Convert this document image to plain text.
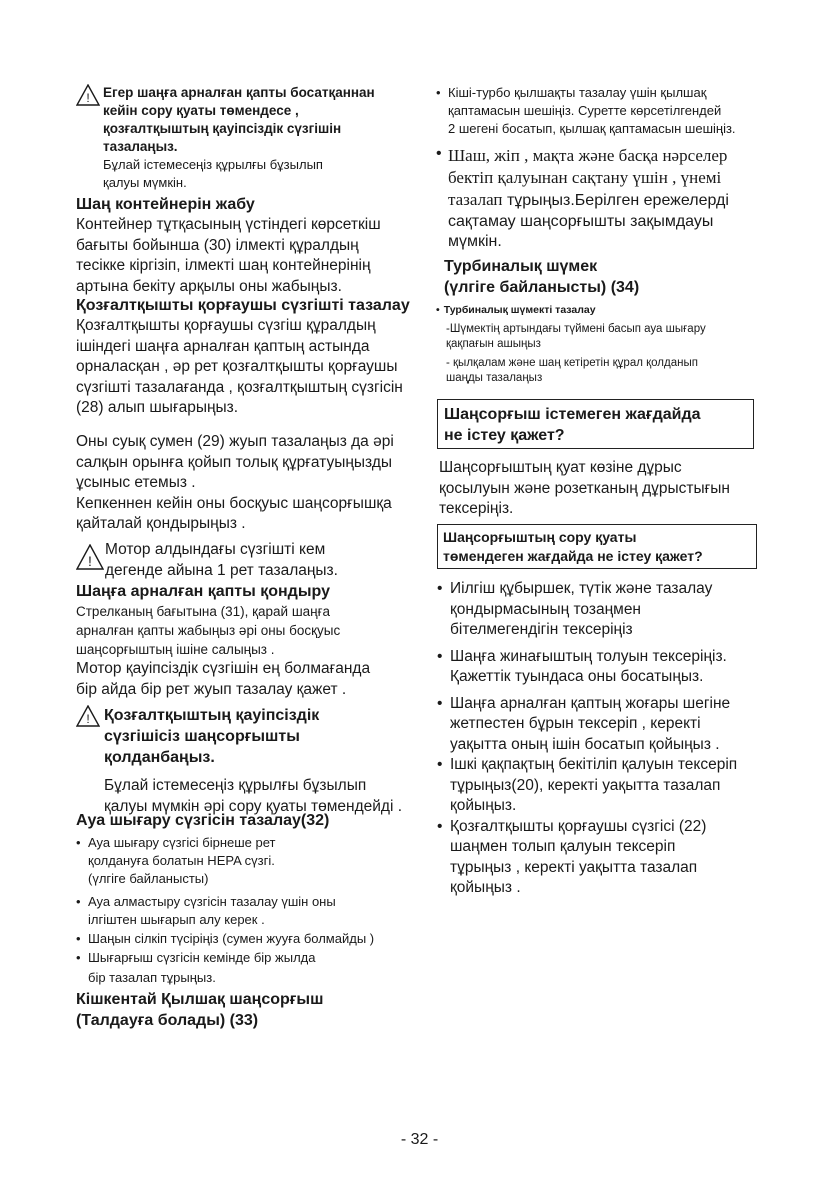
! Егер шаңға арналған қапты босатқаннан

кейін сору қуаты төмендесе ,

қозғалтқыштың қауіпсіздік сүзгішін

тазалаңыз.

Бұлай істемесеңіз құрылғы бұзылып

қалуы мүмкін.

Шаң контейнерін жабу

Контейнер тұтқасының үстіндегі көрсеткіш

бағыты бойынша (30) ілмекті құралдың

тесікке кіргізіп, ілмекті шаң контейнерінің

артына бекіту арқылы оны жабыңыз.

Қозғалтқышты қорғаушы сүзгішті тазалау

Қозғалтқышты қорғаушы сүзгіш құралдың

ішіндегі шаңға арналған қаптың астында

орналасқан , әр рет қозғалтқышты қорғаушы

сүзгішті тазалағанда , қозғалтқыштың сүзгісін

(28) алып шығарыңыз.

Оны суық сумен (29) жуып тазалаңыз да әрі

салқын орынға қойып толық құрғатуыңызды

ұсыныс етемыз .

Кепкеннен кейін оны босқуыс шаңсорғышқа

қайталай қондырыңыз .

!

Мотор алдындағы сүзгішті кем

дегенде айына 1 рет тазалаңыз.

Шаңға арналған қапты қондыру

Стрелканың бағытына (31), қарай шаңға

арналған қапты жабыңыз әрі оны босқуыс

шаңсорғыштың ішіне салыңыз .

Мотор қауіпсіздік сүзгішін ең болмағанда

бір айда бір рет жуып тазалау қажет .

! Қозғалтқыштың қауіпсіздік

сүзгішісіз шаңсорғышты

қолданбаңыз.

Бұлай істемесеңіз құрылғы бұзылып

қалуы мүмкін әрі сору қуаты төмендейді .

Ауа шығару сүзгісін тазалау(32)

• Ауа шығару сүзгісі бірнеше рет

қолдануға болатын HEPA сүзгі.

(үлгіге байланысты)

• Ауа алмастыру сүзгісін тазалау үшін оны

ілгіштен шығарып алу керек .

• Шаңын сілкіп түсіріңіз (сумен жууға болмайды )

• Шығарғыш сүзгісін кемінде бір жылда

бір тазалап тұрыңыз.

Кішкентай Қылшақ шаңсорғыш

(Талдауға болады) (33)

• Кіші-турбо қылшақты тазалау үшін қылшақ

қаптамасын шешіңіз. Суретте көрсетілгендей

2 шегені босатып, қылшақ қаптамасын шешіңіз.

• Шаш, жіп , мақта және басқа нәрселер

бектіп қалуынан сақтану үшін , үнемі

тазалап тұрыңыз.Берілген ережелерді

сақтамау шаңсорғышты зақымдауы

мүмкін.

Турбиналық шүмек

(үлгіге байланысты) (34)

• Турбиналық шүмекті тазалау

-Шүмектің артындағы түймені басып ауа шығару

қақпағын ашыңыз

- қылқалам және шаң кетіретін құрал қолданып

шаңды тазалаңыз

Шаңсорғыш істемеген жағдайда

не істеу қажет?

Шаңсорғыштың қуат көзіне дұрыс

қосылуын және розетканың дұрыстығын

тексеріңіз.

Шаңсорғыштың сору қуаты

төмендеген жағдайда не істеу қажет?

• Иілгіш құбыршек, түтік және тазалау

қондырмасының тозаңмен

бітелмегендігін тексеріңіз

• Шаңға жинағыштың толуын тексеріңіз.

Қажеттік туындаса оны босатыңыз.

• Шаңға арналған қаптың жоғары шегіне

жетпестен бұрын тексеріп , керекті

уақытта оның ішін босатып қойыңыз .

• Ішкі қақпақтың бекітіліп қалуын тексеріп

тұрыңыз(20), керекті уақытта тазалап

қойыңыз.

• Қозғалтқышты қорғаушы сүзгісі (22)

шаңмен толып қалуын тексеріп

тұрыңыз , керекті уақытта тазалап

қойыңыз .

- 32 -
